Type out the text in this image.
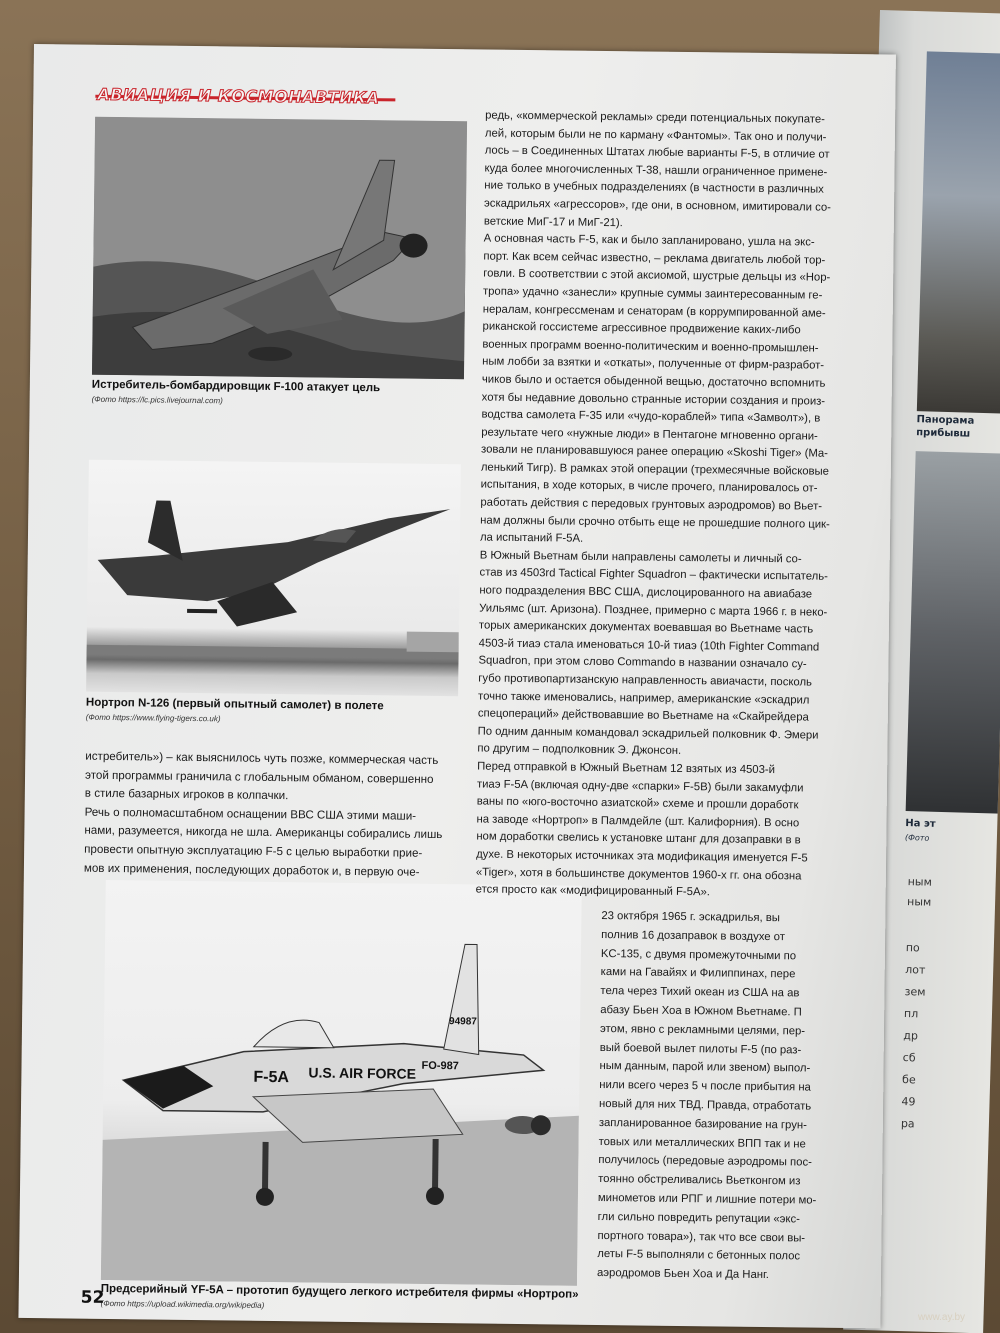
Панорама прибывш
На эт
(Фото
ным
ным
по
лот
зем
пл
др
сб
бе
49
ра
АВИАЦИЯ И КОСМОНАВТИКА
Истребитель-бомбардировщик F-100 атакует цель
(Фото https://lc.pics.livejournal.com)
Нортроп N-126 (первый опытный самолет) в полете
(Фото https://www.flying-tigers.co.uk)

истребитель») – как выяснилось чуть позже, коммерческая часть

этой программы граничила с глобальным обманом, совершенно

в стиле базарных игроков в колпачки.

Речь о полномасштабном оснащении ВВС США этими маши-

нами, разумеется, никогда не шла. Американцы собирались лишь

провести опытную эксплуатацию F-5 с целью выработки прие-

мов их применения, последующих доработок и, в первую оче-

F-5A U.S. AIR FORCE
94987
FO-987
Предсерийный YF-5A – прототип будущего легкого истребителя фирмы «Нортроп»
(Фото https://upload.wikimedia.org/wikipedia)

редь, «коммерческой рекламы» среди потенциальных покупате-

лей, которым были не по карману «Фантомы». Так оно и получи-

лось – в Соединенных Штатах любые варианты F-5, в отличие от

куда более многочисленных T-38, нашли ограниченное примене-

ние только в учебных подразделениях (в частности в различных

эскадрильях «агрессоров», где они, в основном, имитировали со-

ветские МиГ-17 и МиГ-21).

А основная часть F-5, как и было запланировано, ушла на экс-

порт. Как всем сейчас известно, – реклама двигатель любой тор-

говли. В соответствии с этой аксиомой, шустрые дельцы из «Нор-

тропа» удачно «занесли» крупные суммы заинтересованным ге-

нералам, конгрессменам и сенаторам (в коррумпированной аме-

риканской госсистеме агрессивное продвижение каких-либо

военных программ военно-политическим и военно-промышлен-

ным лобби за взятки и «откаты», полученные от фирм-разработ-

чиков было и остается обыденной вещью, достаточно вспомнить

хотя бы недавние довольно странные истории создания и произ-

водства самолета F-35 или «чудо-кораблей» типа «Замволт»), в

результате чего «нужные люди» в Пентагоне мгновенно органи-

зовали не планировавшуюся ранее операцию «Skoshi Tiger» (Ма-

ленький Тигр). В рамках этой операции (трехмесячные войсковые

испытания, в ходе которых, в числе прочего, планировалось от-

работать действия с передовых грунтовых аэродромов) во Вьет-

нам должны были срочно отбыть еще не прошедшие полного цик-

ла испытаний F-5A.

В Южный Вьетнам были направлены самолеты и личный со-

став из 4503rd Tactical Fighter Squadron – фактически испытатель-

ного подразделения ВВС США, дислоцированного на авиабазе

Уильямс (шт. Аризона). Позднее, примерно с марта 1966 г. в неко-

торых американских документах воевавшая во Вьетнаме часть

4503-й тиаэ стала именоваться 10-й тиаэ (10th Fighter Command

Squadron, при этом слово Commando в названии означало су-

губо противопартизанскую направленность авиачасти, посколь

точно также именовались, например, американские «эскадрил

спецопераций» действовавшие во Вьетнаме на «Скайрейдера

По одним данным командовал эскадрильей полковник Ф. Эмери

по другим – подполковник Э. Джонсон.

Перед отправкой в Южный Вьетнам 12 взятых из 4503-й

тиаэ F-5A (включая одну-две «спарки» F-5B) были закамуфли

ваны по «юго-восточно азиатской» схеме и прошли доработк

на заводе «Нортроп» в Палмдейле (шт. Калифорния). В осно

ном доработки свелись к установке штанг для дозаправки в в

духе. В некоторых источниках эта модификация именуется F-5

«Tiger», хотя в большинстве документов 1960-х гг. она обозна

ется просто как «модифицированный F-5A».

23 октября 1965 г. эскадрилья, вы

полнив 16 дозаправок в воздухе от

KC-135, с двумя промежуточными по

ками на Гавайях и Филиппинах, пере

тела через Тихий океан из США на ав

абазу Бьен Хоа в Южном Вьетнаме. П

этом, явно с рекламными целями, пер-

вый боевой вылет пилоты F-5 (по раз-

ным данным, парой или звеном) выпол-

нили всего через 5 ч после прибытия на

новый для них ТВД. Правда, отработать

запланированное базирование на грун-

товых или металлических ВПП так и не

получилось (передовые аэродромы пос-

тоянно обстреливались Вьетконгом из

минометов или РПГ и лишние потери мо-

гли сильно повредить репутации «экс-

портного товара»), так что все свои вы-

леты F-5 выполняли с бетонных полос

аэродромов Бьен Хоа и Да Нанг.

52
www.ay.by
